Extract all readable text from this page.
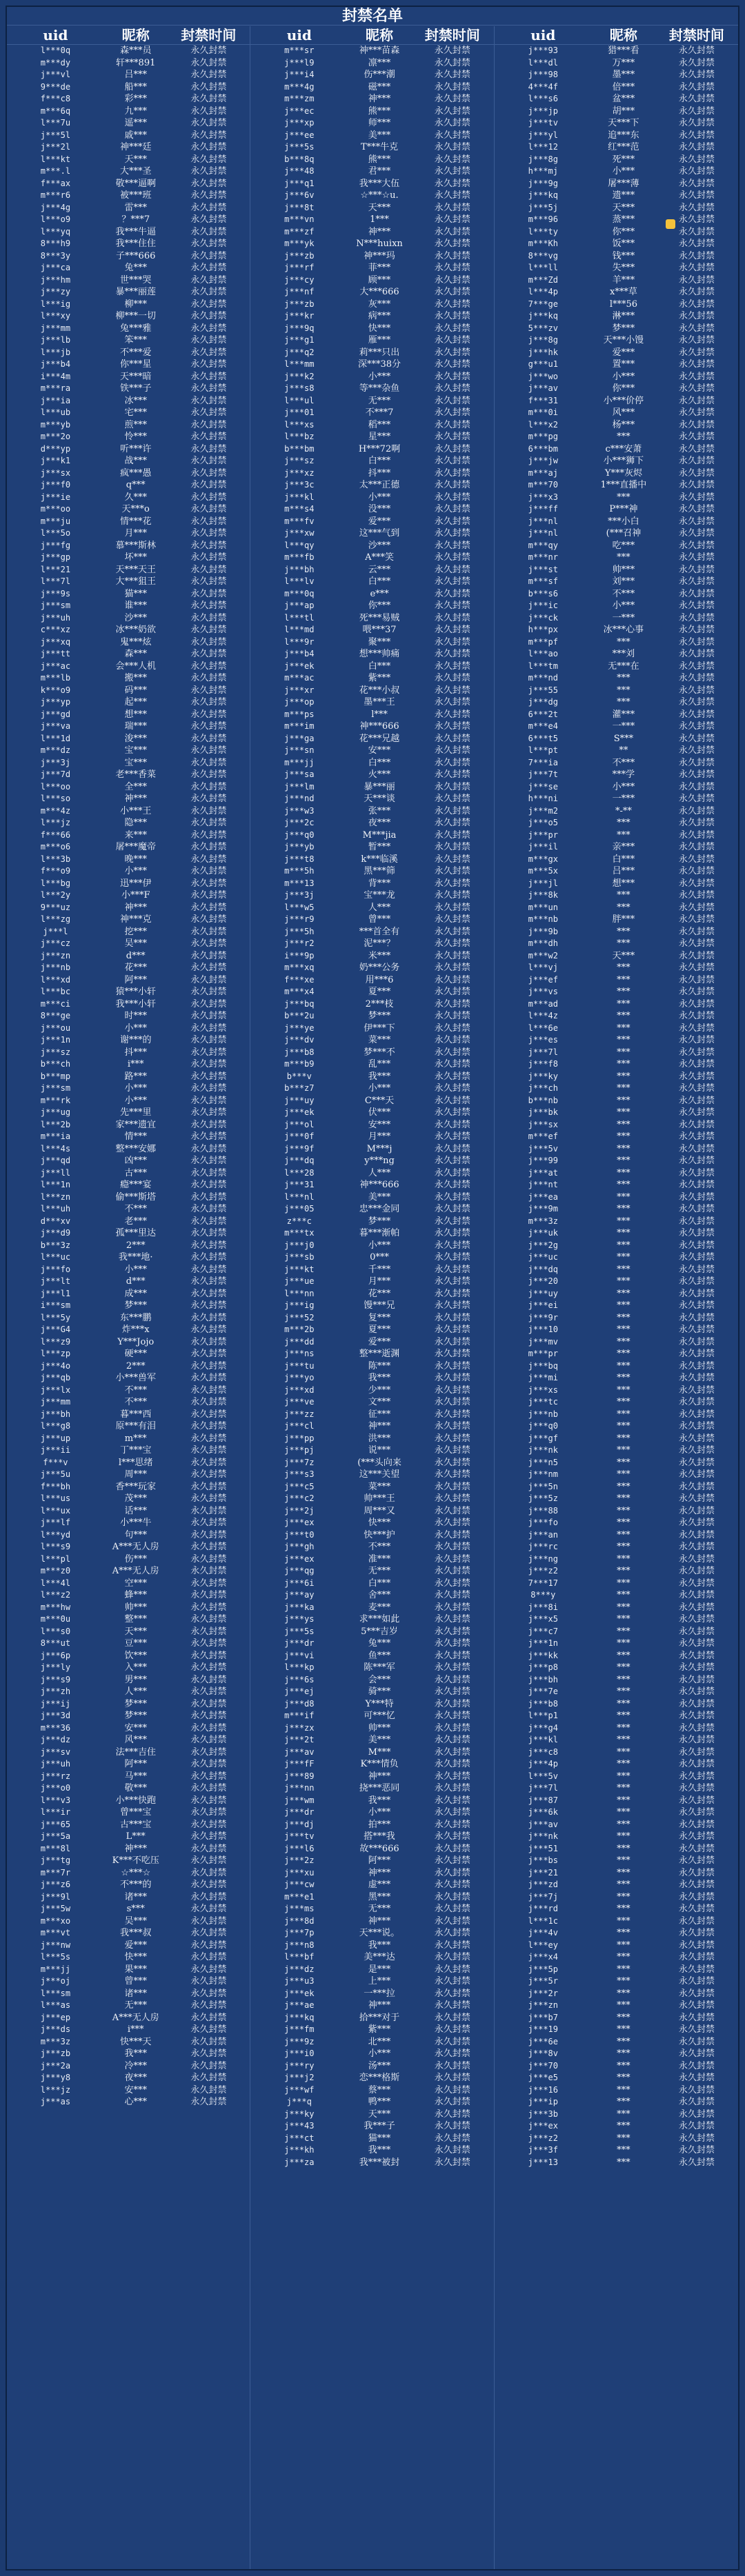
封禁名单
uid	昵称	封禁时间
l***0q	森***员	永久封禁
m***dy	轩***891	永久封禁
j***vl	吕***	永久封禁
9***de	船***	永久封禁
f***c8	彩***	永久封禁
m***6q	九***	永久封禁
l***7u	遥***	永久封禁
j***5l	戚***	永久封禁
j***2l	神***廷	永久封禁
l***kt	天***	永久封禁
m***.l	大***圣	永久封禁
f***ax	敬***逼啊	永久封禁
m***r6	被***班	永久封禁
j***4g	雷***	永久封禁
l***o9	？***7	永久封禁
l***yq	我***牛逼	永久封禁
8***h9	我***住住	永久封禁
8***3y	子***666	永久封禁
j***ca	兔***	永久封禁
j***hm	世***哭	永久封禁
j***zy	暴***丽莲	永久封禁
l***ig	柳***	永久封禁
l***xy	柳***一切	永久封禁
j***mm	兔***雅	永久封禁
j***lb	笨***	永久封禁
l***jb	不***爱	永久封禁
j***b4	你***星	永久封禁
i***4m	天***暗	永久封禁
m***ra	铁***子	永久封禁
j***ia	冰***	永久封禁
l***ub	宅***	永久封禁
m***yb	煎***	永久封禁
m***2o	怜***	永久封禁
d***yp	听***许	永久封禁
j***k1	战***	永久封禁
j***sx	疯***愚	永久封禁
j***f0	q***	永久封禁
j***ie	久***	永久封禁
m***oo	天***o	永久封禁
m***ju	情***花	永久封禁
l***5o	月***	永久封禁
j***fg	慕***斯林	永久封禁
j***gp	坏***	永久封禁
l***21	天***天王	永久封禁
l***7l	大***狙王	永久封禁
j***9s	猫***	永久封禁
j***sm	谁***	永久封禁
j***uh	沙***	永久封禁
c***xz	冰***奶欲	永久封禁
j***xq	鬼***炫	永久封禁
j***tt	森***	永久封禁
j***ac	会***人机	永久封禁
m***lb	搬***	永久封禁
k***o9	码***	永久封禁
j***yp	起***	永久封禁
j***gd	想***	永久封禁
j***va	瑞***	永久封禁
l***1d	浚***	永久封禁
m***dz	宝***	永久封禁
j***3j	宝***	永久封禁
j***7d	老***香菜	永久封禁
l***oo	全***	永久封禁
l***so	神***	永久封禁
m***4z	小***王	永久封禁
l***jz	隐***	永久封禁
f***66	来***	永久封禁
m***o6	屠***魔帝	永久封禁
l***3b	晚***	永久封禁
f***o9	小***	永久封禁
l***bg	迅***伊	永久封禁
l***2y	小***F	永久封禁
9***uz	神***	永久封禁
l***zg	神***克	永久封禁
j***l	挖***	永久封禁
j***cz	吴***	永久封禁
j***zn	d***	永久封禁
j***nb	花***	永久封禁
l***xd	阿***	永久封禁
l***bc	猿***小轩	永久封禁
m***ci	我***小轩	永久封禁
8***ge	时***	永久封禁
j***ou	小***	永久封禁
j***1n	谢***的	永久封禁
j***sz	抖***	永久封禁
b***ch	i***	永久封禁
b***mp	路***	永久封禁
j***sm	小***	永久封禁
m***rk	小***	永久封禁
j***ug	先***里	永久封禁
l***2b	家***遗宜	永久封禁
m***ia	情***	永久封禁
l***4s	整***安娜	永久封禁
j***qd	凶***	永久封禁
j***ll	古***	永久封禁
l***1n	瘾***宴	永久封禁
l***zn	偷***斯塔	永久封禁
l***uh	不***	永久封禁
d***xv	老***	永久封禁
j***d9	孤***里达	永久封禁
b***3z	2***	永久封禁
l***uc	我***地·	永久封禁
j***fo	小***	永久封禁
j***lt	d***	永久封禁
j***l1	成***	永久封禁
i***sm	梦***	永久封禁
l***5y	东***鹏	永久封禁
j***G4	炸***x	永久封禁
l***z9	Y***Jojo	永久封禁
l***zp	硬***	永久封禁
j***4o	2***	永久封禁
j***qb	小***兽军	永久封禁
j***lx	不***	永久封禁
j***mm	不***	永久封禁
j***bh	暮***西	永久封禁
l***g8	原***有泪	永久封禁
j***up	m***	永久封禁
j***ii	丁***宝	永久封禁
f***v	l***思绪	永久封禁
j***5u	周***	永久封禁
f***bh	香***玩家	永久封禁
l***us	茂***	永久封禁
l***ux	话***	永久封禁
j***lf	小***牛	永久封禁
l***yd	句***	永久封禁
l***s9	A***无人房	永久封禁
l***pl	伤***	永久封禁
m***z0	A***无人房	永久封禁
l***4l	空***	永久封禁
l***z2	蜂***	永久封禁
m***hw	帅***	永久封禁
m***0u	整***	永久封禁
l***s0	天***	永久封禁
8***ut	豆***	永久封禁
j***6p	饮***	永久封禁
j***ly	入***	永久封禁
j***s9	男***	永久封禁
j***zh	人***	永久封禁
j***ij	梦***	永久封禁
j***3d	梦***	永久封禁
m***36	安***	永久封禁
j***dz	风***	永久封禁
j***sv	法***吉住	永久封禁
j***uh	阿***	永久封禁
j***rz	马***	永久封禁
j***o0	敬***	永久封禁
l***v3	小***快跑	永久封禁
l***ir	曾***宝	永久封禁
j***65	古***宝	永久封禁
j***5a	L***	永久封禁
m***8l	神***	永久封禁
j***tg	K***不吃压	永久封禁
m***7r	☆***☆	永久封禁
j***z6	不***的	永久封禁
j***9l	诸***	永久封禁
j***5w	s***	永久封禁
m***xo	吴***	永久封禁
m***vt	我***叔	永久封禁
j***nw	爱***	永久封禁
l***5s	快***	永久封禁
m***jj	果***	永久封禁
j***oj	曾***	永久封禁
l***sm	诸***	永久封禁
l***as	无***	永久封禁
j***ep	A***无人房	永久封禁
j***ds	i***	永久封禁
m***3z	快***天	永久封禁
j***zb	我***	永久封禁
j***2a	冷***	永久封禁
j***y8	夜***	永久封禁
l***jz	安***	永久封禁
j***as	心***	永久封禁
uid	昵称	封禁时间
m***sr	神***苗森	永久封禁
j***l9	凛***	永久封禁
j***i4	伤***潮	永久封禁
m***4g	磁***	永久封禁
m***zm	神***	永久封禁
j***ec	熊***	永久封禁
j***xp	师***	永久封禁
j***ee	美***	永久封禁
j***5s	T***牛克	永久封禁
b***8q	熊***	永久封禁
j***48	君***	永久封禁
j***q1	我***大伍	永久封禁
j***6v	☆***☆u.	永久封禁
j***8t	天***	永久封禁
m***vn	1***	永久封禁
m***zf	神***	永久封禁
m***yk	N***huixn	永久封禁
j***zb	神***玛	永久封禁
j***rf	菲***	永久封禁
j***cy	顾***	永久封禁
j***nf	大***666	永久封禁
j***zb	灰***	永久封禁
j***kr	病***	永久封禁
j***9q	快***	永久封禁
j***g1	雁***	永久封禁
j***q2	莉***只出	永久封禁
l***mm	深***38分	永久封禁
j***k2	小***	永久封禁
j***s8	等***杂鱼	永久封禁
l***ul	无***	永久封禁
j***01	不***7	永久封禁
l***xs	稻***	永久封禁
l***bz	星***	永久封禁
b***bm	H***72啊	永久封禁
j***sz	白***	永久封禁
j***xz	抖***	永久封禁
j***3c	太***正德	永久封禁
j***kl	小***	永久封禁
m***s4	没***	永久封禁
m***fv	爱***	永久封禁
j***xw	这***气到	永久封禁
l***qy	沙***	永久封禁
m***fb	A***笑	永久封禁
j***bh	云***	永久封禁
l***lv	白***	永久封禁
m***0q	e***	永久封禁
j***ap	你***	永久封禁
l***tl	死***易贼	永久封禁
l***md	喂***37	永久封禁
l***9r	聚***	永久封禁
j***b4	想***帅痛	永久封禁
j***ek	白***	永久封禁
m***ac	紫***	永久封禁
j***xr	花***小叔	永久封禁
j***op	墨***王	永久封禁
m***ps	l***	永久封禁
m***im	神***666	永久封禁
j***ga	花***兄越	永久封禁
j***sn	安***	永久封禁
m***jj	白***	永久封禁
j***sa	火***	永久封禁
j***lm	暴***丽	永久封禁
j***nd	天***谈	永久封禁
j***w3	张***	永久封禁
j***2c	夜***	永久封禁
j***q0	M***jia	永久封禁
j***yb	暂***	永久封禁
j***t8	k***临溪	永久封禁
m***5h	黑***筛	永久封禁
m***13	背***	永久封禁
j***3j	宝***龙	永久封禁
l***w5	人***	永久封禁
j***r9	曾***	永久封禁
j***5h	***首全有	永久封禁
j***r2	泥***？	永久封禁
i***9p	米***	永久封禁
m***xq	奶***公务	永久封禁
f***xe	用***6	永久封禁
m***x4	夏***	永久封禁
j***bq	2***枝	永久封禁
b***2u	梦***	永久封禁
j***ye	伊***下	永久封禁
j***dv	菜***	永久封禁
j***b8	梦***不	永久封禁
m***b9	乱***	永久封禁
b***v	我***	永久封禁
b***z7	小***	永久封禁
j***uy	C***天	永久封禁
j***ek	伏***	永久封禁
j***ol	安***	永久封禁
j***0f	月***	永久封禁
j***9f	M***j	永久封禁
j***dq	y***ng	永久封禁
l***28	人***	永久封禁
j***31	神***666	永久封禁
l***nl	美***	永久封禁
j***05	忠***金同	永久封禁
z***c	梦***	永久封禁
m***tx	暮***渐帕	永久封禁
j***j0	小***	永久封禁
j***sb	0***	永久封禁
j***kt	千***	永久封禁
j***ue	月***	永久封禁
l***nn	花***	永久封禁
j***ig	馒***兄	永久封禁
j***52	复***	永久封禁
m***2b	夏***	永久封禁
j***dd	爱***	永久封禁
j***ns	整***逝渊	永久封禁
j***tu	陈***	永久封禁
j***yo	我***	永久封禁
j***xd	少***	永久封禁
j***ve	文***	永久封禁
j***zz	征***	永久封禁
j***cl	神***	永久封禁
j***pp	洪***	永久封禁
j***pj	说***	永久封禁
j***7z	(***头向来	永久封禁
j***s3	这***关望	永久封禁
j***c5	菜***	永久封禁
j***c2	帅***王	永久封禁
j***2j	周***又	永久封禁
j***ex	快***	永久封禁
j***t0	快***护	永久封禁
j***gh	不***	永久封禁
j***ex	准***	永久封禁
j***qg	无***	永久封禁
j***6i	白***	永久封禁
j***ay	舍***	永久封禁
j***ka	麦***	永久封禁
j***ys	求***如此	永久封禁
j***5s	5***吉岁	永久封禁
j***dr	兔***	永久封禁
j***vi	鱼***	永久封禁
l***kp	陈***军	永久封禁
j***6s	会***	永久封禁
j***ej	骑***	永久封禁
j***d8	Y***特	永久封禁
m***if	可***忆	永久封禁
j***zx	帅***	永久封禁
j***2t	美***	永久封禁
j***av	M***	永久封禁
j***fF	K***情负	永久封禁
j***89	神***	永久封禁
j***nn	挠***恶同	永久封禁
j***wm	我***	永久封禁
j***dr	小***	永久封禁
j***dj	拍***	永久封禁
j***tv	搭***我	永久封禁
j***l6	故***666	永久封禁
j***2z	阿***	永久封禁
j***xu	神***	永久封禁
j***cw	虚***	永久封禁
m***e1	黑***	永久封禁
j***ms	无***	永久封禁
j***8d	神***	永久封禁
j***7p	天***说。	永久封禁
j***n8	我***	永久封禁
l***bf	美***达	永久封禁
j***dz	是***	永久封禁
j***u3	上***	永久封禁
j***ek	一***拉	永久封禁
j***ae	神***	永久封禁
j***kq	拾***对于	永久封禁
j***fm	紫***	永久封禁
j***9z	北***	永久封禁
j***i0	小***	永久封禁
j***ry	汤***	永久封禁
j***j2	恋***格斯	永久封禁
j***wf	蔡***	永久封禁
j***q	鸭***	永久封禁
j***ky	天***	永久封禁
j***43	我***子	永久封禁
j***ct	猫***	永久封禁
j***kh	我***	永久封禁
j***za	我***被封	永久封禁
uid	昵称	封禁时间
j***93	猎***看	永久封禁
l***dl	万***	永久封禁
j***98	墨***	永久封禁
4***4f	倍***	永久封禁
l***s6	盆***	永久封禁
j***jp	胡***	永久封禁
j***tv	天***下	永久封禁
j***yl	追***东	永久封禁
l***12	红***范	永久封禁
j***8g	死***	永久封禁
h***mj	小***	永久封禁
j***9g	屠***薄	永久封禁
j***kq	遗***	永久封禁
j***5j	天***	永久封禁
m***96	蒸***	永久封禁
l***ty	你***	永久封禁
m***Kh	饭***	永久封禁
8***vg	钱***	永久封禁
l***ll	失***	永久封禁
m***Zd	羊***	永久封禁
l***4p	x***草	永久封禁
7***ge	l***56	永久封禁
j***kq	淋***	永久封禁
5***zv	梦***	永久封禁
j***8g	天***小馒	永久封禁
j***hk	爱***	永久封禁
g***u1	置***	永久封禁
j***wo	小***	永久封禁
j***av	你***	永久封禁
f***31	小***价停	永久封禁
m***0i	风***	永久封禁
l***x2	杨***	永久封禁
m***pg	***	永久封禁
6***bm	c***安萧	永久封禁
j***jw	小***狮下	永久封禁
m***aj	Y***灰烬	永久封禁
m***70	1***直播中	永久封禁
j***x3	***	永久封禁
j***ff	P***神	永久封禁
j***nl	***小白	永久封禁
j***nl	(***召神	永久封禁
m***qy	吃***	永久封禁
m***nr	***	永久封禁
j***st	帅***	永久封禁
m***sf	刘***	永久封禁
b***s6	不***	永久封禁
j***ic	小***	永久封禁
j***ck	一***	永久封禁
h***px	冰***心事	永久封禁
m***pf	***	永久封禁
l***ao	***刘	永久封禁
l***tm	无***在	永久封禁
m***nd	***	永久封禁
j***55	***	永久封禁
j***dg	***	永久封禁
6***2t	灌***	永久封禁
m***e4	一***	永久封禁
6***t5	S***	永久封禁
l***pt	**	永久封禁
7***ia	不***	永久封禁
j***7t	***学	永久封禁
j***se	小***	永久封禁
h***ni	一***	永久封禁
j***m2	*-**	永久封禁
j***o5	***	永久封禁
j***pr	***	永久封禁
j***il	亲***	永久封禁
m***gx	白***	永久封禁
m***5x	吕***	永久封禁
j***jl	想***	永久封禁
j***8k	***	永久封禁
m***un	***	永久封禁
m***nb	胖***	永久封禁
j***9b	***	永久封禁
m***dh	***	永久封禁
m***w2	天***	永久封禁
l***vj	***	永久封禁
j***ef	***	永久封禁
j***vs	***	永久封禁
m***ad	***	永久封禁
l***4z	***	永久封禁
l***6e	***	永久封禁
j***es	***	永久封禁
j***7l	***	永久封禁
j***f8	***	永久封禁
j***ky	***	永久封禁
j***ch	***	永久封禁
b***nb	***	永久封禁
j***bk	***	永久封禁
j***sx	***	永久封禁
m***ef	***	永久封禁
j***5v	***	永久封禁
j***99	***	永久封禁
j***at	***	永久封禁
j***nt	***	永久封禁
j***ea	***	永久封禁
j***9m	***	永久封禁
m***3z	***	永久封禁
j***uk	***	永久封禁
j***2g	***	永久封禁
j***uc	***	永久封禁
j***dq	***	永久封禁
j***20	***	永久封禁
j***uy	***	永久封禁
j***ei	***	永久封禁
j***9r	***	永久封禁
j***10	***	永久封禁
j***mv	***	永久封禁
m***pr	***	永久封禁
j***bq	***	永久封禁
j***mi	***	永久封禁
j***xs	***	永久封禁
j***tc	***	永久封禁
j***nb	***	永久封禁
j***q0	***	永久封禁
j***gf	***	永久封禁
j***nk	***	永久封禁
j***n5	***	永久封禁
j***nm	***	永久封禁
j***5n	***	永久封禁
j***5z	***	永久封禁
j***88	***	永久封禁
j***fo	***	永久封禁
j***an	***	永久封禁
j***rc	***	永久封禁
j***ng	***	永久封禁
j***z2	***	永久封禁
7***17	***	永久封禁
8***y	***	永久封禁
j***8i	***	永久封禁
j***x5	***	永久封禁
j***c7	***	永久封禁
j***1n	***	永久封禁
j***kk	***	永久封禁
j***p8	***	永久封禁
j***bh	***	永久封禁
j***7e	***	永久封禁
j***b8	***	永久封禁
l***p1	***	永久封禁
j***g4	***	永久封禁
j***kl	***	永久封禁
j***c8	***	永久封禁
j***4p	***	永久封禁
l***5v	***	永久封禁
j***7l	***	永久封禁
j***87	***	永久封禁
j***6k	***	永久封禁
j***av	***	永久封禁
j***nk	***	永久封禁
j***51	***	永久封禁
j***bs	***	永久封禁
j***21	***	永久封禁
j***zd	***	永久封禁
j***7j	***	永久封禁
j***rd	***	永久封禁
l***1c	***	永久封禁
j***4v	***	永久封禁
l***ey	***	永久封禁
j***x4	***	永久封禁
j***5p	***	永久封禁
j***5r	***	永久封禁
j***2r	***	永久封禁
j***zn	***	永久封禁
j***b7	***	永久封禁
j***19	***	永久封禁
j***6e	***	永久封禁
j***8v	***	永久封禁
j***70	***	永久封禁
j***e5	***	永久封禁
j***16	***	永久封禁
j***ip	***	永久封禁
j***3b	***	永久封禁
j***ex	***	永久封禁
j***z2	***	永久封禁
j***3f	***	永久封禁
j***13	***	永久封禁
